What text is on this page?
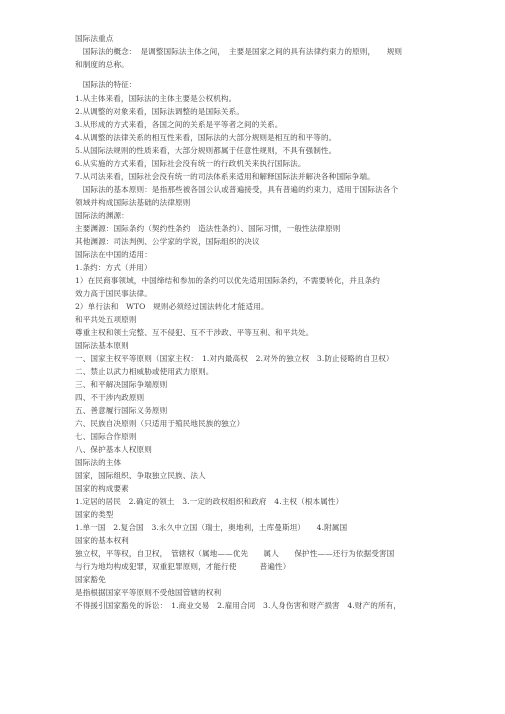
国际法重点
　国际法的概念：　是调整国际法主体之间，　主要是国家之间的具有法律约束力的原则，　　规则
和制度的总称。
　国际法的特征：
1.从主体来看，国际法的主体主要是公权机构。
2.从调整的对象来看，国际法调整的是国际关系。
3.从形成的方式来看，各国之间的关系是平等者之间的关系。
4.从调整的法律关系的相互性来看，国际法的大部分规则是相互的和平等的。
5.从国际法规则的性质来看，大部分规则都属于任意性规则，不具有强制性。
6.从实施的方式来看，国际社会没有统一的行政机关来执行国际法。
7.从司法来看，国际社会没有统一的司法体系来适用和解释国际法并解决各种国际争端。
　国际法的基本原则：是指那些被各国公认或普遍接受，具有普遍的约束力，适用于国际法各个
领域并构成国际法基础的法律原则
国际法的渊源：
主要渊源：国际条约（契约性条约　造法性条约）、国际习惯，一般性法律原则
其他渊源：司法判例、公学家的学说，国际组织的决议
国际法在中国的适用：
1.条约：方式（并用）
1）在民商事领域，中国缔结和参加的条约可以优先适用国际条约，不需要转化，并且条约
效力高于国民事法律。
2）单行法和　WTO　规则必须经过国法转化才能适用。
和平共处五项原则
尊重主权和领土完整、互不侵犯、互不干涉政、平等互利、和平共处。
国际法基本原则
一、国家主权平等原则（国家主权：　1.对内最高权　2.对外的独立权　3.防止侵略的自卫权）
二、禁止以武力相威胁或使用武力原则。
三、和平解决国际争端原则
四、不干涉内政原则
五、善意履行国际义务原则
六、民族自决原则（只适用于殖民地民族的独立）
七、国际合作原则
八、保护基本人权原则
国际法的主体
国家，国际组织、争取独立民族、法人
国家的构成要素
1.定居的居民　2.确定的领土　3.一定的政权组织和政府　4.主权（根本属性）
国家的类型
1.单一国　2.复合国　3.永久中立国（瑞士，奥地利，土库曼斯坦）　　4.附属国
国家的基本权利
独立权，平等权，自卫权，　管辖权（属地——优先　　属人　　保护性——还行为依据受害国
与行为地均构成犯罪，双重犯罪原则，才能行使　　　普遍性）
国家豁免
是指根据国家平等原则不受他国管辖的权利
不得援引国家豁免的诉讼：　1.商业交易　2.雇用合同　3.人身伤害和财产损害　4.财产的所有，
